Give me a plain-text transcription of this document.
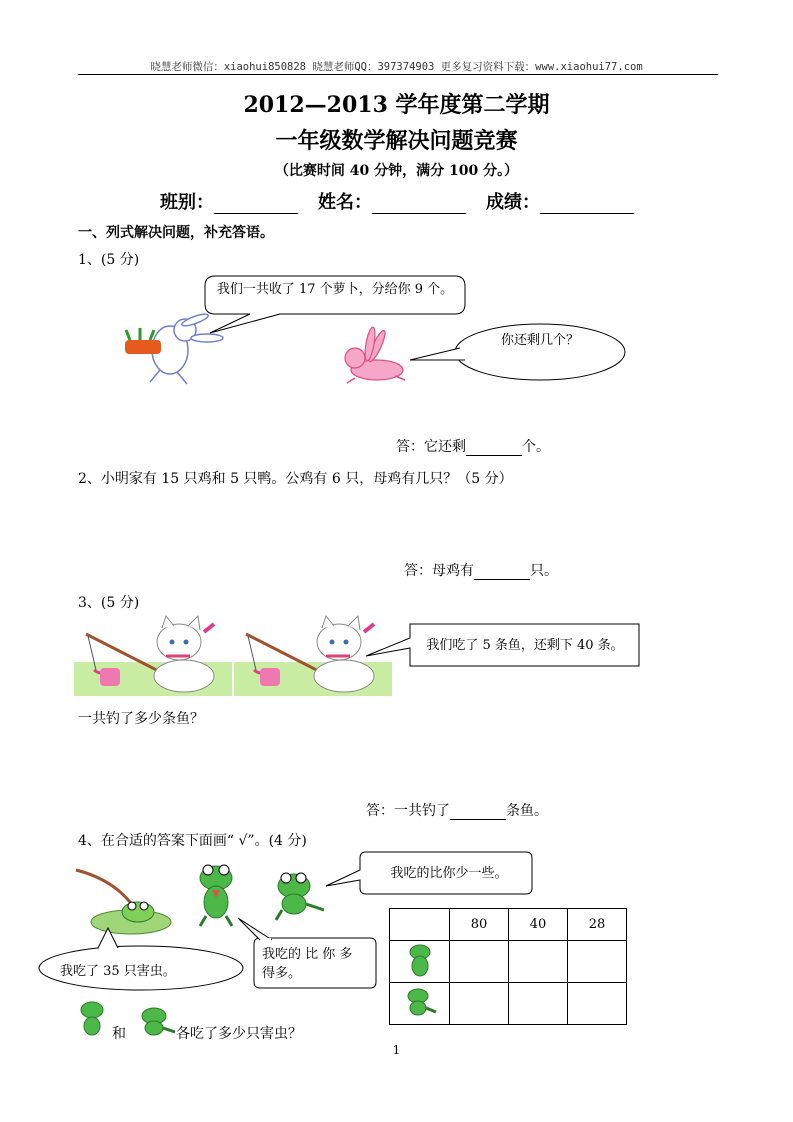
晓慧老师微信：xiaohui850828 晓慧老师QQ：397374903 更多复习资料下载：www.xiaohui77.com
2012—2013 学年度第二学期
一年级数学解决问题竞赛
（比赛时间 40 分钟，满分 100 分。）
班别：	姓名：	成绩：
一、列式解决问题，补充答语。
1、(5 分)
我们一共收了 17 个萝卜，分给你 9 个。
你还剩几个？
答：它还剩	个。
2、小明家有 15 只鸡和 5 只鸭。公鸡有 6 只，母鸡有几只？（5 分）
答：母鸡有	只。
3、(5 分)
我们吃了 5 条鱼，还剩下 40 条。
一共钓了多少条鱼？
答：一共钓了	条鱼。
4、在合适的答案下面画“ √”。(4 分)
我吃的比你少一些。
我吃的 比 你 多得多。
我吃了 35 只害虫。
	80	40	28

和	各吃了多少只害虫？
1
